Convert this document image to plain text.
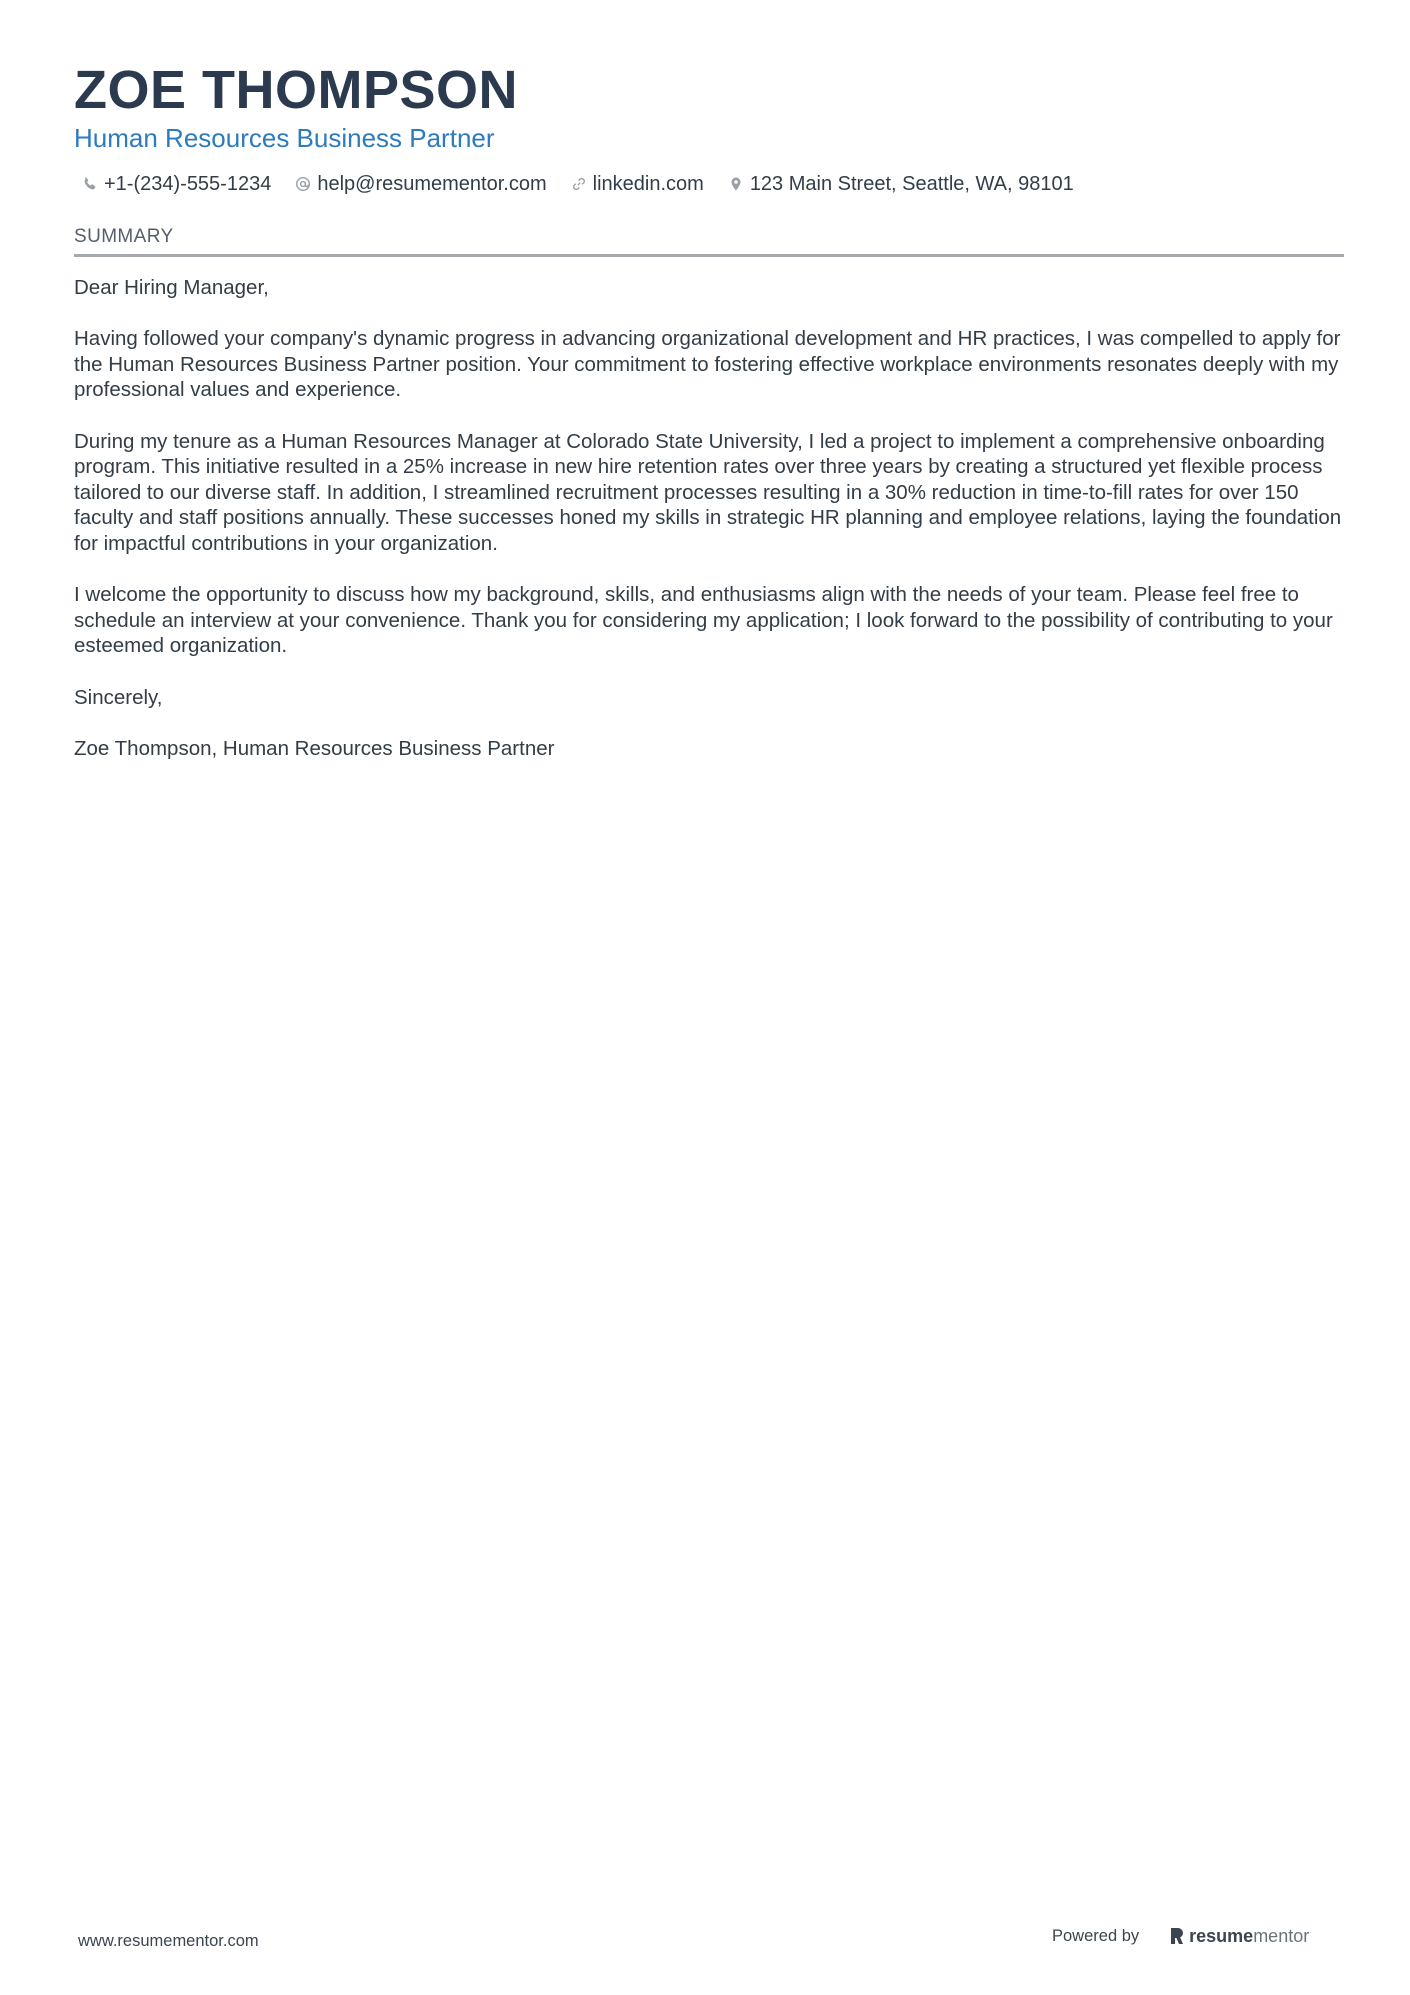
ZOE THOMPSON
Human Resources Business Partner
+1-(234)-555-1234 help@resumementor.com linkedin.com 123 Main Street, Seattle, WA, 98101
SUMMARY

Dear Hiring Manager,

Having followed your company's dynamic progress in advancing organizational development and HR practices, I was compelled to apply for the Human Resources Business Partner position. Your commitment to fostering effective workplace environments resonates deeply with my professional values and experience.

During my tenure as a Human Resources Manager at Colorado State University, I led a project to implement a comprehensive onboarding program. This initiative resulted in a 25% increase in new hire retention rates over three years by creating a structured yet flexible process tailored to our diverse staff. In addition, I streamlined recruitment processes resulting in a 30% reduction in time-to-fill rates for over 150 faculty and staff positions annually. These successes honed my skills in strategic HR planning and employee relations, laying the foundation for impactful contributions in your organization.

I welcome the opportunity to discuss how my background, skills, and enthusiasms align with the needs of your team. Please feel free to schedule an interview at your convenience. Thank you for considering my application; I look forward to the possibility of contributing to your esteemed organization.

Sincerely,

Zoe Thompson, Human Resources Business Partner

www.resumementor.com	Powered by	resume mentor
